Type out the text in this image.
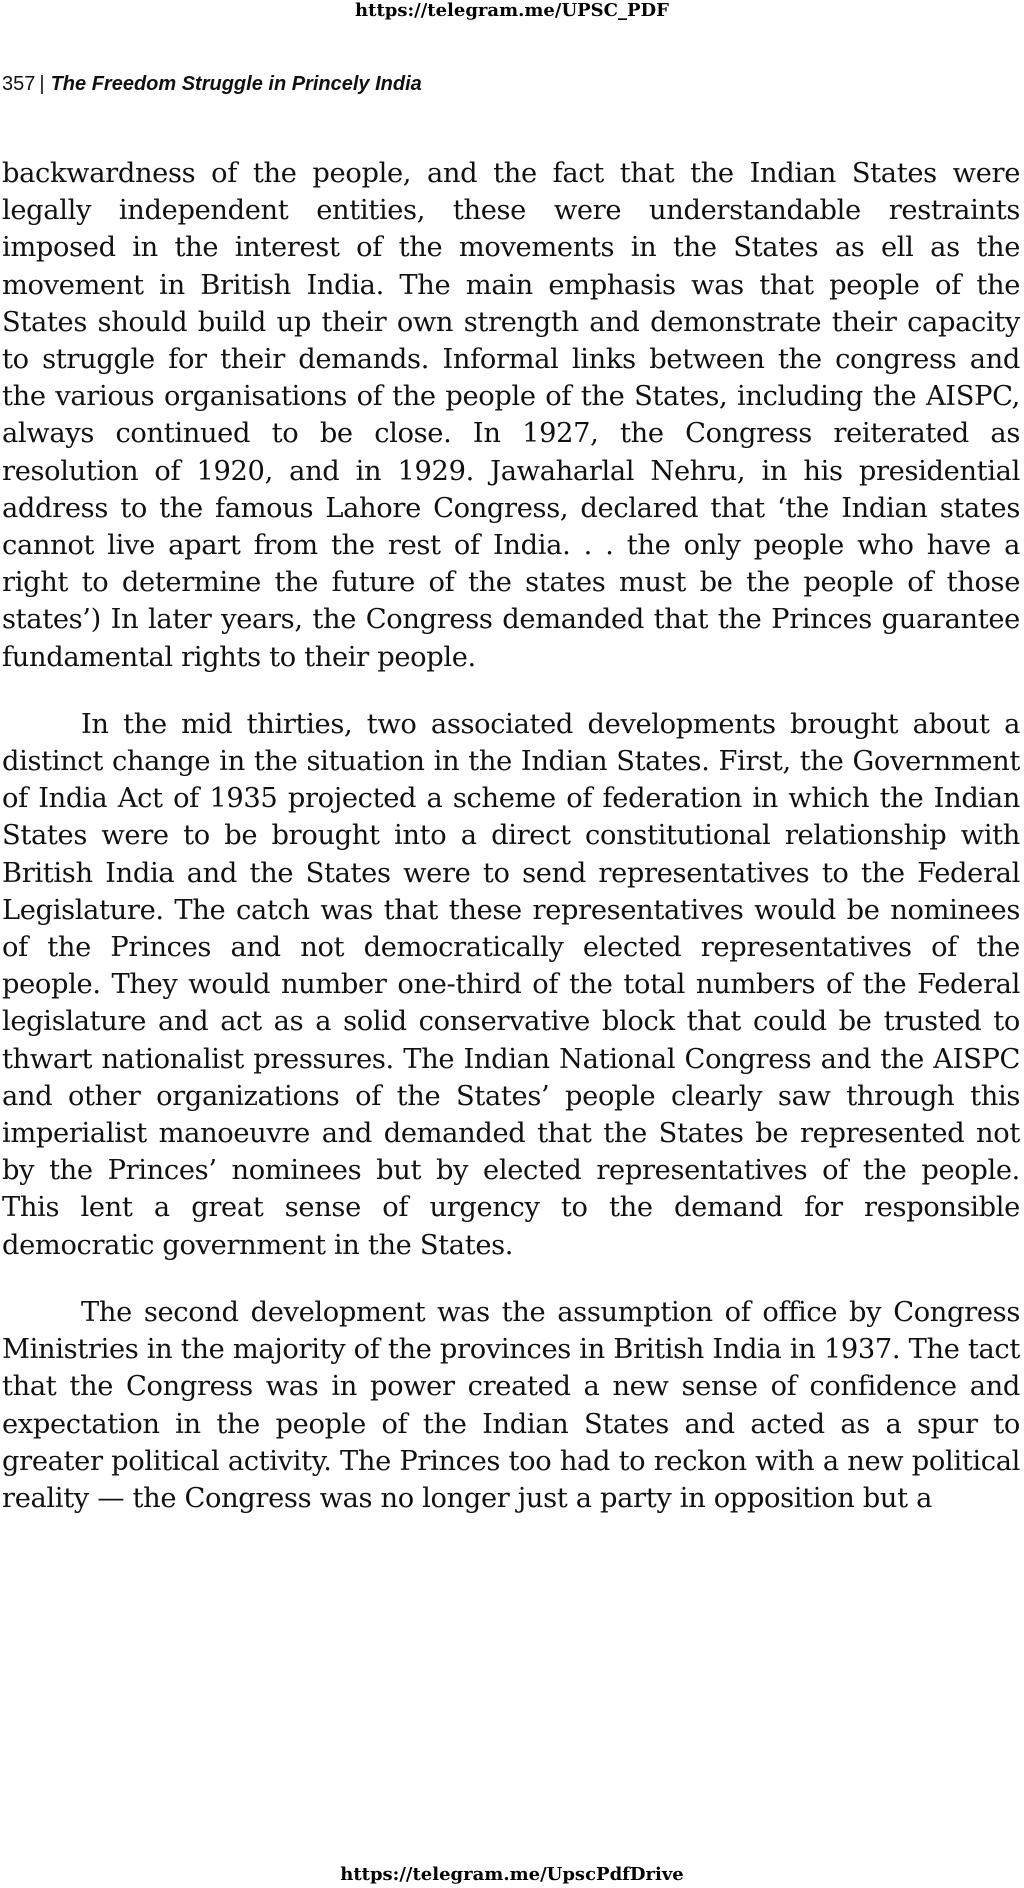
https://telegram.me/UPSC_PDF
357 | The Freedom Struggle in Princely India

backwardness of the people, and the fact that the Indian States were legally independent entities, these were understandable restraints imposed in the interest of the movements in the States as ell as the movement in British India. The main emphasis was that people of the States should build up their own strength and demonstrate their capacity to struggle for their demands. Informal links between the congress and the various organisations of the people of the States, including the AISPC, always continued to be close. In 1927, the Congress reiterated as resolution of 1920, and in 1929. Jawaharlal Nehru, in his presidential address to the famous Lahore Congress, declared that ‘the Indian states cannot live apart from the rest of India. . . the only people who have a right to determine the future of the states must be the people of those states’) In later years, the Congress demanded that the Princes guarantee fundamental rights to their people.

In the mid thirties, two associated developments brought about a distinct change in the situation in the Indian States. First, the Government of India Act of 1935 projected a scheme of federation in which the Indian States were to be brought into a direct constitutional relationship with British India and the States were to send representatives to the Federal Legislature. The catch was that these representatives would be nominees of the Princes and not democratically elected representatives of the people. They would number one-third of the total numbers of the Federal legislature and act as a solid conservative block that could be trusted to thwart nationalist pressures. The Indian National Congress and the AISPC and other organizations of the States’ people clearly saw through this imperialist manoeuvre and demanded that the States be represented not by the Princes’ nominees but by elected representatives of the people. This lent a great sense of urgency to the demand for responsible democratic government in the States.

The second development was the assumption of office by Congress Ministries in the majority of the provinces in British India in 1937. The tact that the Congress was in power created a new sense of confidence and expectation in the people of the Indian States and acted as a spur to greater political activity. The Princes too had to reckon with a new political reality — the Congress was no longer just a party in opposition but a

https://telegram.me/UpscPdfDrive
